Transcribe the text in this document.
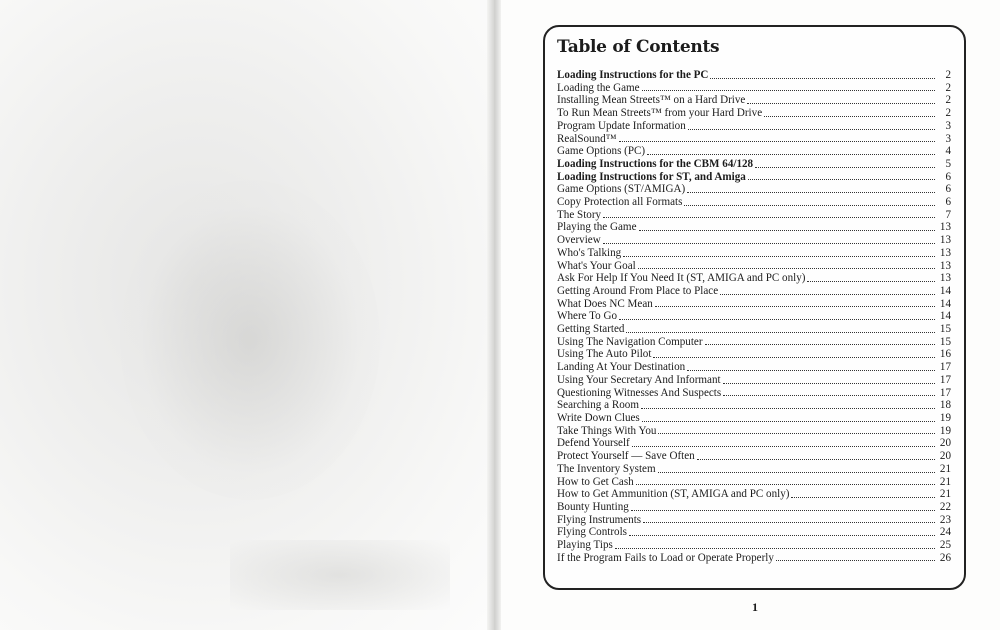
Table of Contents
Loading Instructions for the PC	2
Loading the Game	2
Installing Mean Streets™ on a Hard Drive	2
To Run Mean Streets™ from your Hard Drive	2
Program Update Information	3
RealSound™	3
Game Options (PC)	4
Loading Instructions for the CBM 64/128	5
Loading Instructions for ST, and Amiga	6
Game Options (ST/AMIGA)	6
Copy Protection all Formats	6
The Story	7
Playing the Game	13
Overview	13
Who's Talking	13
What's Your Goal	13
Ask For Help If You Need It (ST, AMIGA and PC only)	13
Getting Around From Place to Place	14
What Does NC Mean	14
Where To Go	14
Getting Started	15
Using The Navigation Computer	15
Using The Auto Pilot	16
Landing At Your Destination	17
Using Your Secretary And Informant	17
Questioning Witnesses And Suspects	17
Searching a Room	18
Write Down Clues	19
Take Things With You	19
Defend Yourself	20
Protect Yourself — Save Often	20
The Inventory System	21
How to Get Cash	21
How to Get Ammunition (ST, AMIGA and PC only)	21
Bounty Hunting	22
Flying Instruments	23
Flying Controls	24
Playing Tips	25
If the Program Fails to Load or Operate Properly	26
1
